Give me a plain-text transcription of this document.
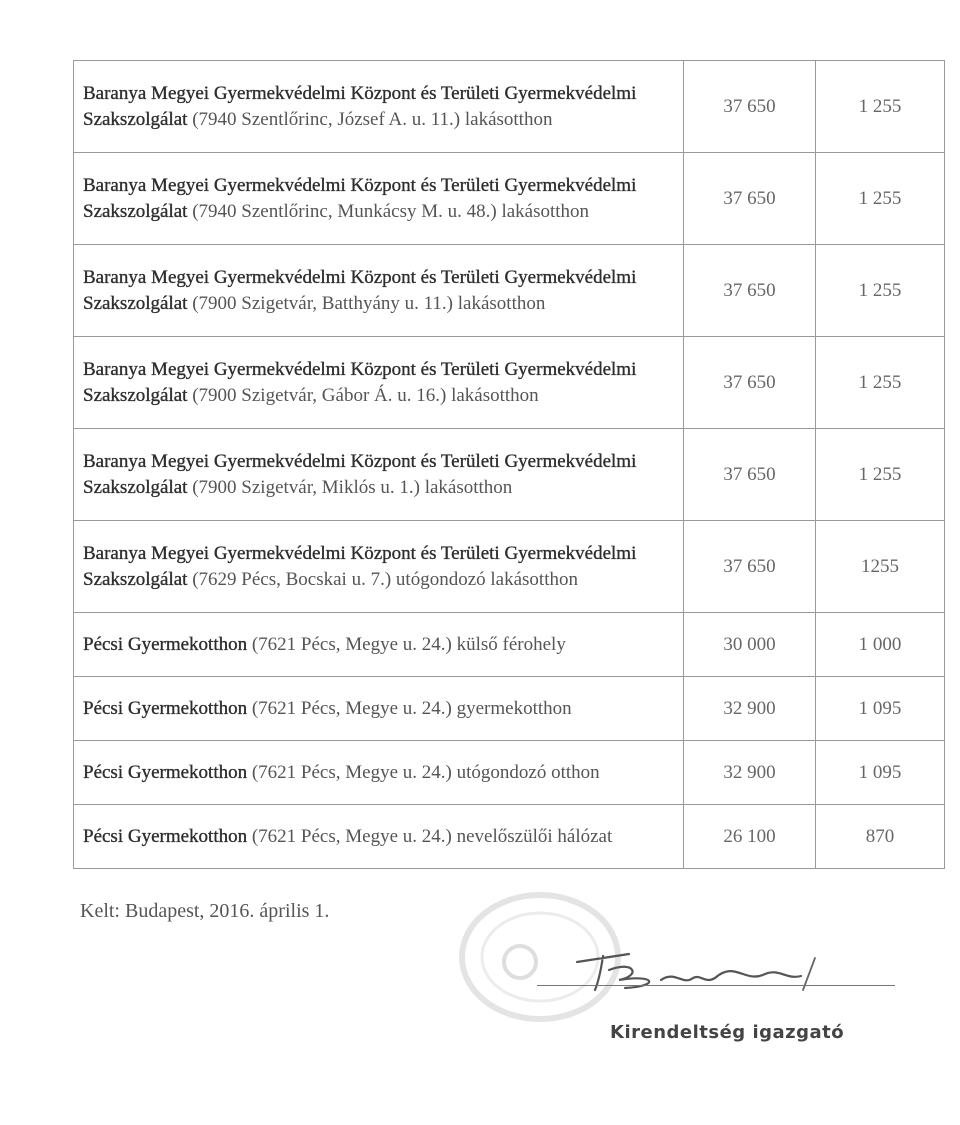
Baranya Megyei Gyermekvédelmi Központ és Területi Gyermekvédelmi Szakszolgálat (7940 Szentlőrinc, József A. u. 11.) lakásotthon	37 650	1 255
Baranya Megyei Gyermekvédelmi Központ és Területi Gyermekvédelmi Szakszolgálat (7940 Szentlőrinc, Munkácsy M. u. 48.) lakásotthon	37 650	1 255
Baranya Megyei Gyermekvédelmi Központ és Területi Gyermekvédelmi Szakszolgálat (7900 Szigetvár, Batthyány u. 11.) lakásotthon	37 650	1 255
Baranya Megyei Gyermekvédelmi Központ és Területi Gyermekvédelmi Szakszolgálat (7900 Szigetvár, Gábor Á. u. 16.) lakásotthon	37 650	1 255
Baranya Megyei Gyermekvédelmi Központ és Területi Gyermekvédelmi Szakszolgálat (7900 Szigetvár, Miklós u. 1.) lakásotthon	37 650	1 255
Baranya Megyei Gyermekvédelmi Központ és Területi Gyermekvédelmi Szakszolgálat (7629 Pécs, Bocskai u. 7.) utógondozó lakásotthon	37 650	1255
Pécsi Gyermekotthon (7621 Pécs, Megye u. 24.) külső férohely	30 000	1 000
Pécsi Gyermekotthon (7621 Pécs, Megye u. 24.) gyermekotthon	32 900	1 095
Pécsi Gyermekotthon (7621 Pécs, Megye u. 24.) utógondozó otthon	32 900	1 095
Pécsi Gyermekotthon (7621 Pécs, Megye u. 24.) nevelőszülői hálózat	26 100	870
Kelt: Budapest, 2016. április 1.
Kirendeltség igazgató
